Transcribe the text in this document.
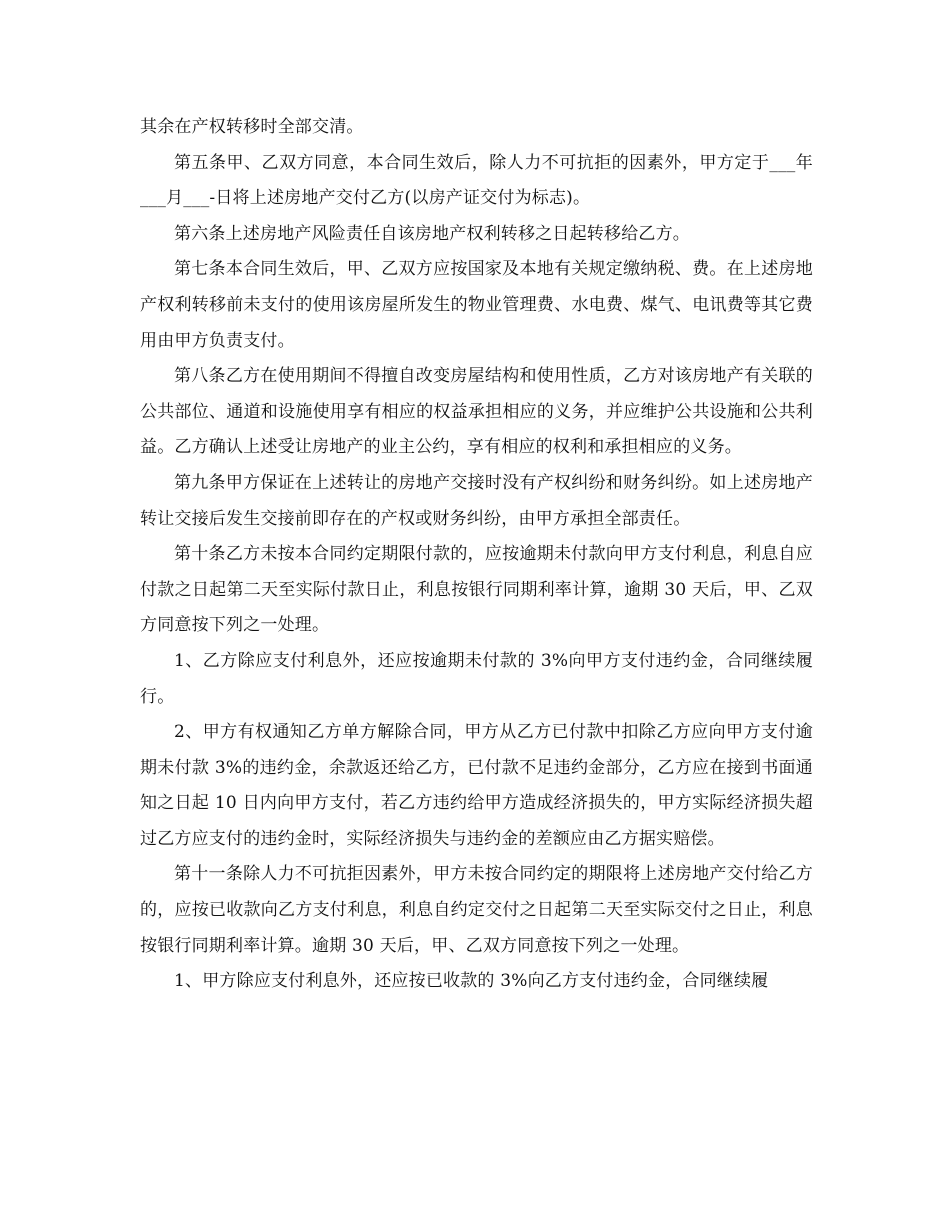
其余在产权转移时全部交清。

第五条甲、乙双方同意，本合同生效后，除人力不可抗拒的因素外，甲方定于___年___月___-日将上述房地产交付乙方(以房产证交付为标志)。

第六条上述房地产风险责任自该房地产权利转移之日起转移给乙方。

第七条本合同生效后，甲、乙双方应按国家及本地有关规定缴纳税、费。在上述房地产权利转移前未支付的使用该房屋所发生的物业管理费、水电费、煤气、电讯费等其它费用由甲方负责支付。

第八条乙方在使用期间不得擅自改变房屋结构和使用性质，乙方对该房地产有关联的公共部位、通道和设施使用享有相应的权益承担相应的义务，并应维护公共设施和公共利益。乙方确认上述受让房地产的业主公约，享有相应的权利和承担相应的义务。

第九条甲方保证在上述转让的房地产交接时没有产权纠纷和财务纠纷。如上述房地产转让交接后发生交接前即存在的产权或财务纠纷，由甲方承担全部责任。

第十条乙方未按本合同约定期限付款的，应按逾期未付款向甲方支付利息，利息自应付款之日起第二天至实际付款日止，利息按银行同期利率计算，逾期 30 天后，甲、乙双方同意按下列之一处理。

1、乙方除应支付利息外，还应按逾期未付款的 3%向甲方支付违约金，合同继续履行。

2、甲方有权通知乙方单方解除合同，甲方从乙方已付款中扣除乙方应向甲方支付逾期未付款 3%的违约金，余款返还给乙方，已付款不足违约金部分，乙方应在接到书面通知之日起 10 日内向甲方支付，若乙方违约给甲方造成经济损失的，甲方实际经济损失超过乙方应支付的违约金时，实际经济损失与违约金的差额应由乙方据实赔偿。

第十一条除人力不可抗拒因素外，甲方未按合同约定的期限将上述房地产交付给乙方的，应按已收款向乙方支付利息，利息自约定交付之日起第二天至实际交付之日止，利息按银行同期利率计算。逾期 30 天后，甲、乙双方同意按下列之一处理。

1、甲方除应支付利息外，还应按已收款的 3%向乙方支付违约金，合同继续履
